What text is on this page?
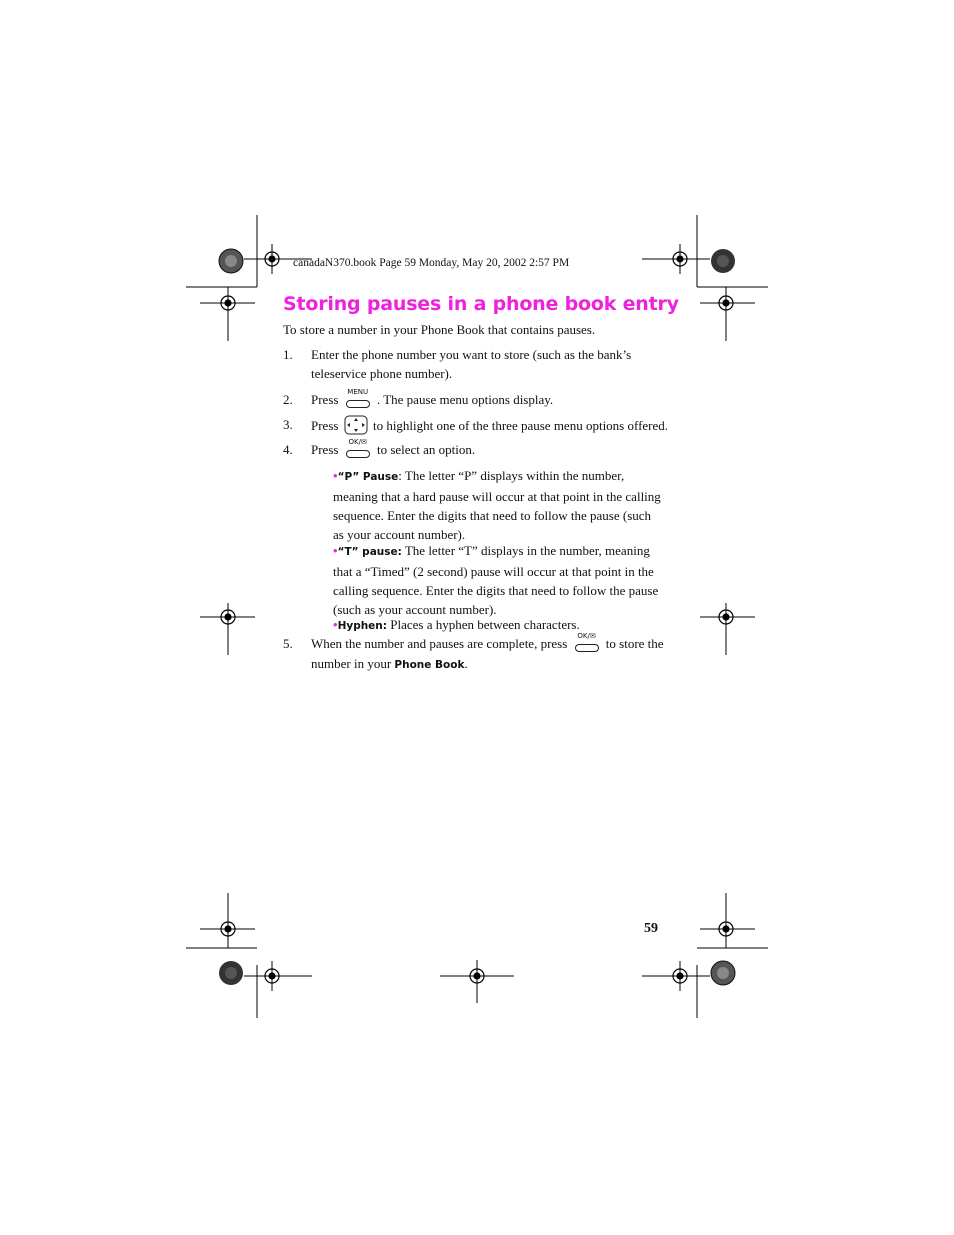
canadaN370.book Page 59 Monday, May 20, 2002 2:57 PM
Storing pauses in a phone book entry
To store a number in your Phone Book that contains pauses.
1. Enter the phone number you want to store (such as the bank’s teleservice phone number).
2. Press	MENU . The pause menu options display.
3. Press	to highlight one of the three pause menu options offered.
4. Press	OK/✉ to select an option.
•“P” Pause: The letter “P” displays within the number, meaning that a hard pause will occur at that point in the calling sequence. Enter the digits that need to follow the pause (such as your account number).
•“T” pause: The letter “T” displays in the number, meaning that a “Timed” (2 second) pause will occur at that point in the calling sequence. Enter the digits that need to follow the pause (such as your account number).
•Hyphen: Places a hyphen between characters.
5. When the number and pauses are complete, press	OK/✉ to store the
number in your Phone Book.
59
